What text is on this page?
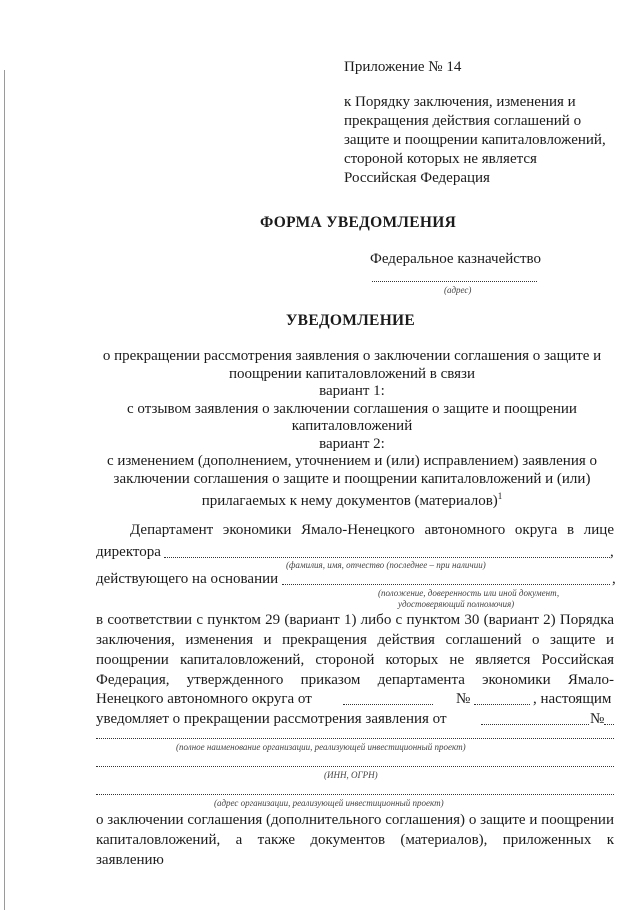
Приложение № 14
к Порядку заключения, изменения и
прекращения действия соглашений о
защите и поощрении капиталовложений,
стороной которых не является
Российская Федерация
ФОРМА УВЕДОМЛЕНИЯ
Федеральное казначейство
(адрес)
УВЕДОМЛЕНИЕ
о прекращении рассмотрения заявления о заключении соглашения о защите и
поощрении капиталовложений в связи
вариант 1:
с отзывом заявления о заключении соглашения о защите и поощрении
капиталовложений
вариант 2:
с изменением (дополнением, уточнением и (или) исправлением) заявления о
заключении соглашения о защите и поощрении капиталовложений и (или)
прилагаемых к нему документов (материалов)$^1$
Департамент экономики Ямало-Ненецкого автономного округа в лице
директора	,
(фамилия, имя, отчество (последнее – при наличии)
действующего на основании	,
(положение, доверенность или иной документ,
удостоверяющий полномочия)
в соответствии с пунктом 29 (вариант 1) либо с пунктом 30 (вариант 2) Порядка
заключения, изменения и прекращения действия соглашений о защите и
поощрении капиталовложений, стороной которых не является Российская
Федерация, утвержденного приказом департамента экономики Ямало-
Ненецкого автономного округа от	№	, настоящим
уведомляет о прекращении рассмотрения заявления от	№
(полное наименование организации, реализующей инвестиционный проект)
(ИНН, ОГРН)
(адрес организации, реализующей инвестиционный проект)
о заключении соглашения (дополнительного соглашения) о защите и поощрении
капиталовложений, а также документов (материалов), приложенных к заявлению
